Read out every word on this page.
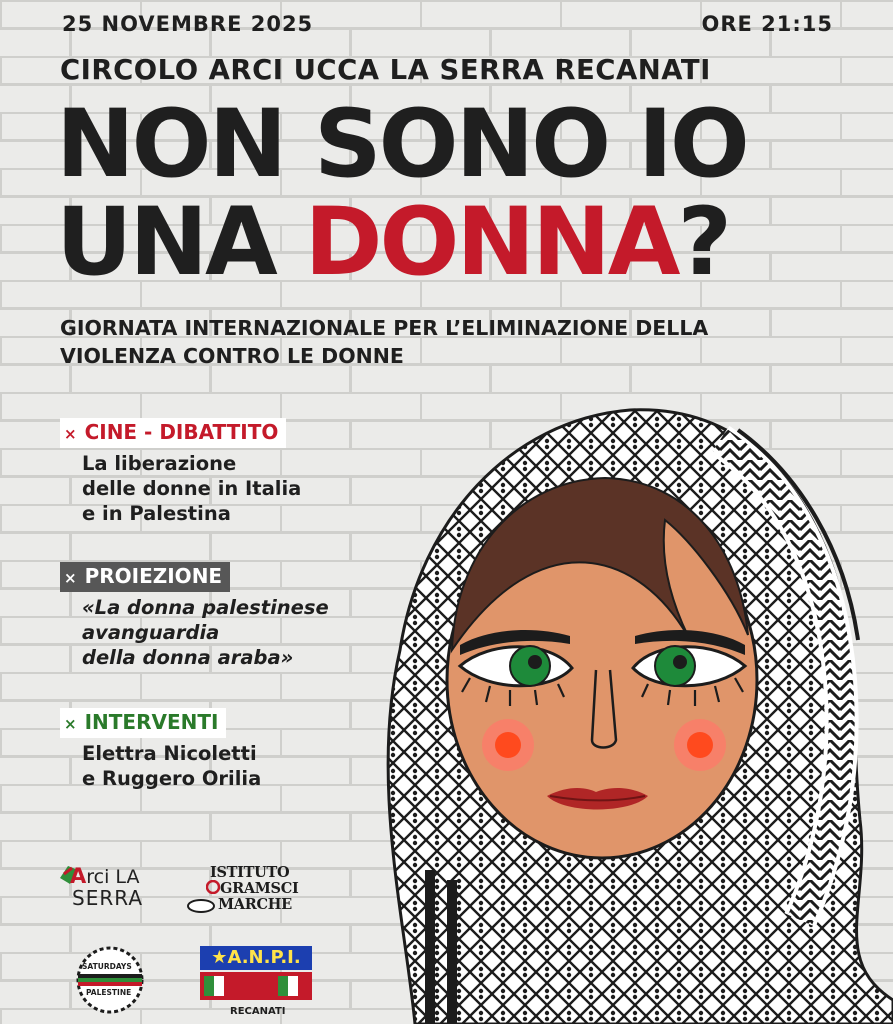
25 NOVEMBRE 2025	ORE 21:15
CIRCOLO ARCI UCCA LA SERRA RECANATI
NON SONO IO
UNA DONNA?
GIORNATA INTERNAZIONALE PER L’ELIMINAZIONE DELLA
VIOLENZA CONTRO LE DONNE
× CINE - DIBATTITO
La liberazione
delle donne in Italia
e in Palestina
× PROIEZIONE
«La donna palestinese
avanguardia
della donna araba»
× INTERVENTI
Elettra Nicoletti
e Ruggero Orilia
Arci LA
SERRA
ISTITUTO
GRAMSCI
MARCHE
SATURDAYS
PALESTINE
★A.N.P.I.
RECANATI
